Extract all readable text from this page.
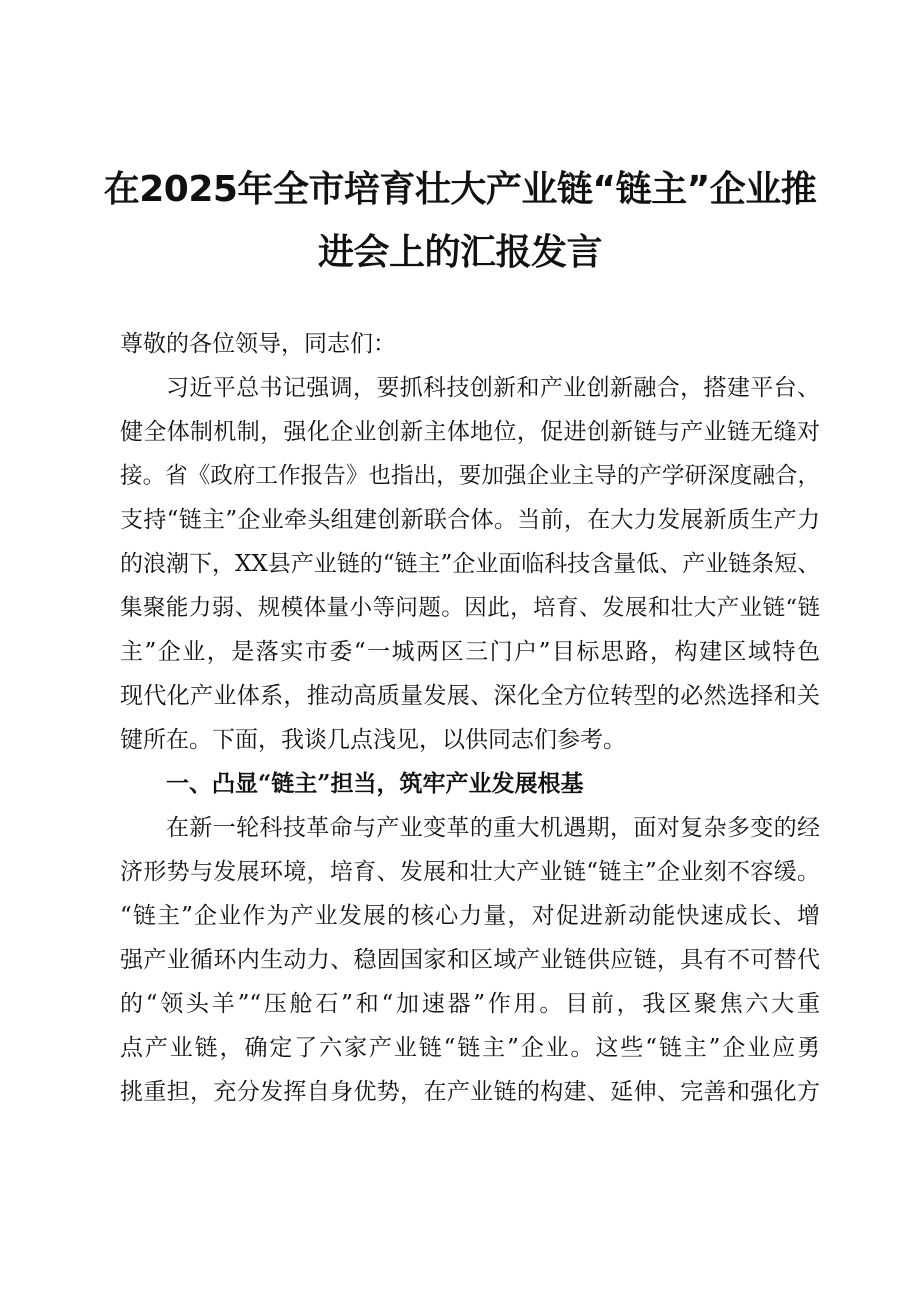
在2025年全市培育壮大产业链“链主”企业推
进会上的汇报发言
尊敬的各位领导，同志们：
习近平总书记强调，要抓科技创新和产业创新融合，搭建平台、
健全体制机制，强化企业创新主体地位，促进创新链与产业链无缝对
接。省《政府工作报告》也指出，要加强企业主导的产学研深度融合，
支持“链主”企业牵头组建创新联合体。当前，在大力发展新质生产力
的浪潮下，XX县产业链的“链主”企业面临科技含量低、产业链条短、
集聚能力弱、规模体量小等问题。因此，培育、发展和壮大产业链“链
主”企业，是落实市委“一城两区三门户”目标思路，构建区域特色
现代化产业体系，推动高质量发展、深化全方位转型的必然选择和关
键所在。下面，我谈几点浅见，以供同志们参考。
一、凸显“链主”担当，筑牢产业发展根基
在新一轮科技革命与产业变革的重大机遇期，面对复杂多变的经
济形势与发展环境，培育、发展和壮大产业链“链主”企业刻不容缓。
“链主”企业作为产业发展的核心力量，对促进新动能快速成长、增
强产业循环内生动力、稳固国家和区域产业链供应链，具有不可替代
的“领头羊”“压舱石”和“加速器”作用。目前，我区聚焦六大重
点产业链，确定了六家产业链“链主”企业。这些“链主”企业应勇
挑重担，充分发挥自身优势，在产业链的构建、延伸、完善和强化方
